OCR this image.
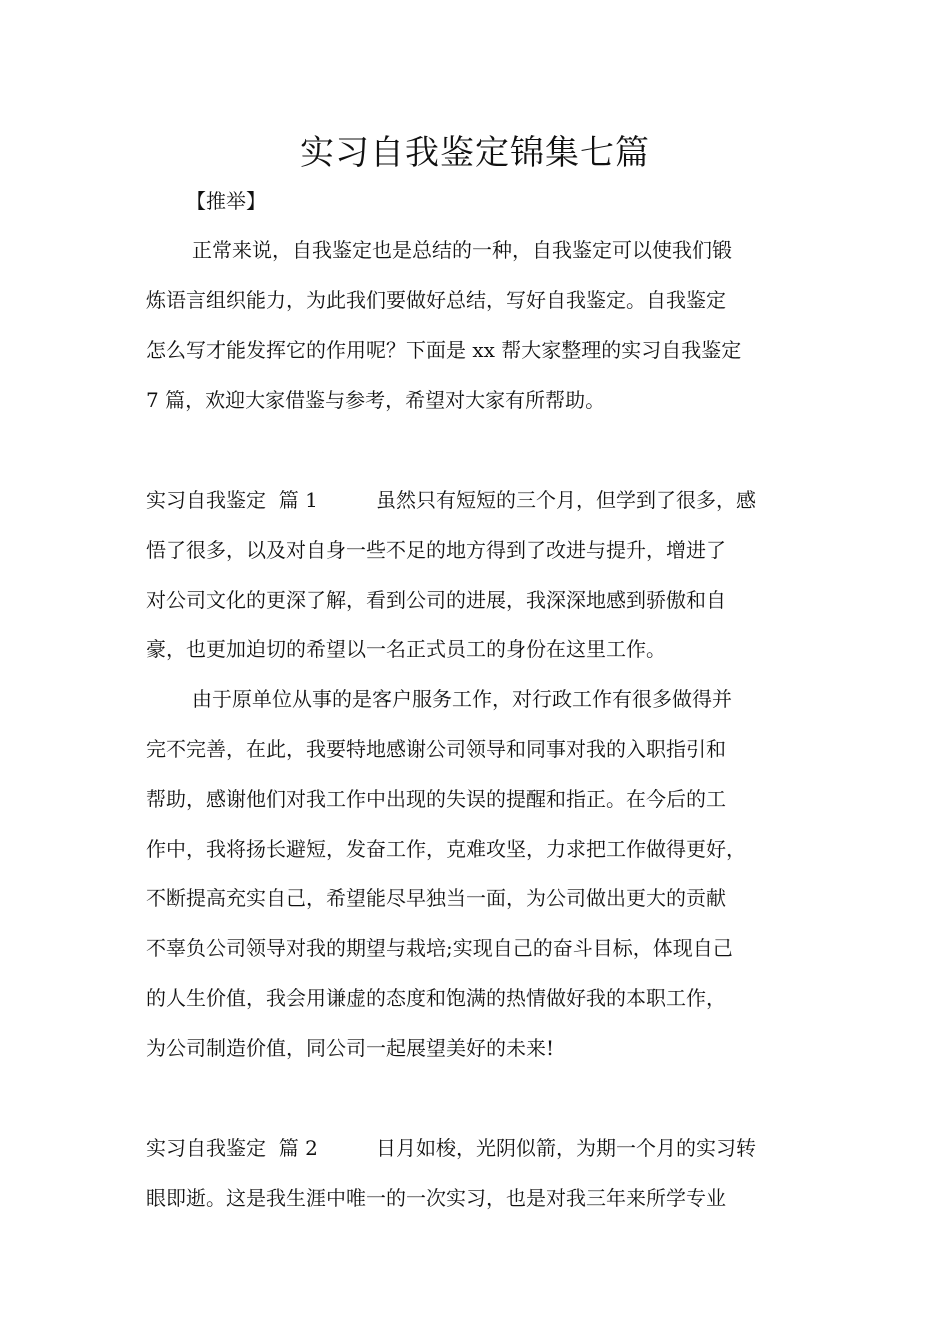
实习自我鉴定锦集七篇
【推举】
正常来说，自我鉴定也是总结的一种，自我鉴定可以使我们锻
炼语言组织能力，为此我们要做好总结，写好自我鉴定。自我鉴定
怎么写才能发挥它的作用呢？下面是 xx 帮大家整理的实习自我鉴定
7 篇，欢迎大家借鉴与参考，希望对大家有所帮助。
实习自我鉴定  篇 1	虽然只有短短的三个月，但学到了很多，感
悟了很多，以及对自身一些不足的地方得到了改进与提升，增进了
对公司文化的更深了解，看到公司的进展，我深深地感到骄傲和自
豪，也更加迫切的希望以一名正式员工的身份在这里工作。
由于原单位从事的是客户服务工作，对行政工作有很多做得并
完不完善，在此，我要特地感谢公司领导和同事对我的入职指引和
帮助，感谢他们对我工作中出现的失误的提醒和指正。在今后的工
作中，我将扬长避短，发奋工作，克难攻坚，力求把工作做得更好，
不断提高充实自己，希望能尽早独当一面，为公司做出更大的贡献
不辜负公司领导对我的期望与栽培;实现自己的奋斗目标，体现自己
的人生价值，我会用谦虚的态度和饱满的热情做好我的本职工作，
为公司制造价值，同公司一起展望美好的未来!
实习自我鉴定  篇 2	日月如梭，光阴似箭，为期一个月的实习转
眼即逝。这是我生涯中唯一的一次实习，也是对我三年来所学专业
